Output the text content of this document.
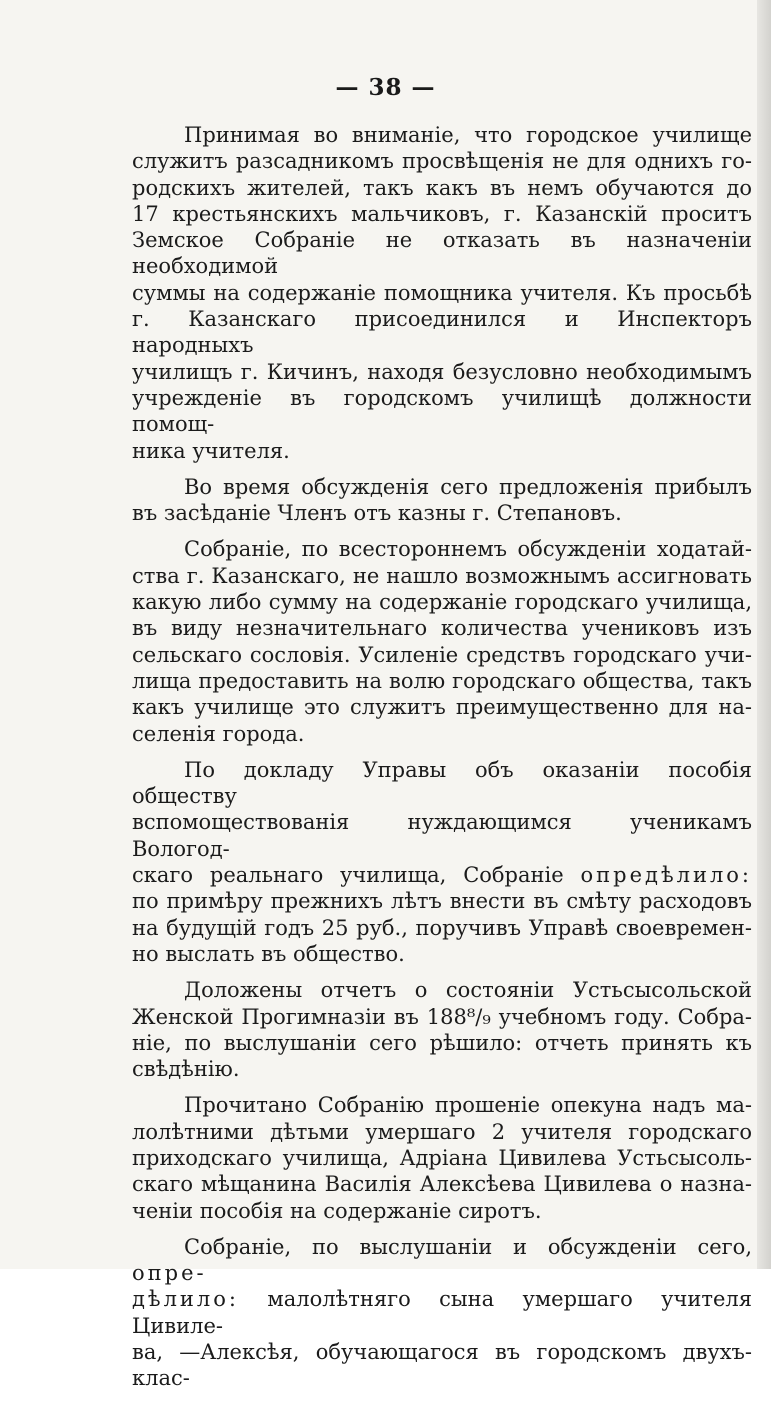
— 38 —
Принимая во вниманіе, что городское училище
служитъ разсадникомъ просвѣщенія не для однихъ го-
родскихъ жителей, такъ какъ въ немъ обучаются до
17 крестьянскихъ мальчиковъ, г. Казанскій проситъ
Земское Собраніе не отказать въ назначеніи необходимой
суммы на содержаніе помощника учителя. Къ просьбѣ
г. Казанскаго присоединился и Инспекторъ народныхъ
училищъ г. Кичинъ, находя безусловно необходимымъ
учрежденіе въ городскомъ училищѣ должности помощ-
ника учителя.
Во время обсужденія сего предложенія прибылъ
въ засѣданіе Членъ отъ казны г. Степановъ.
Собраніе, по всестороннемъ обсужденіи ходатай-
ства г. Казанскаго, не нашло возможнымъ ассигновать
какую либо сумму на содержаніе городскаго училища,
въ виду незначительнаго количества учениковъ изъ
сельскаго сословія. Усиленіе средствъ городскаго учи-
лища предоставить на волю городскаго общества, такъ
какъ училище это служитъ преимущественно для на-
селенія города.
По докладу Управы объ оказаніи пособія обществу
вспомоществованія нуждающимся ученикамъ Вологод-
скаго реальнаго училища, Собраніе опредѣлило:
по примѣру прежнихъ лѣтъ внести въ смѣту расходовъ
на будущій годъ 25 руб., поручивъ Управѣ своевремен-
но выслать въ общество.
Доложены отчетъ о состояніи Устьсысольской
Женской Прогимназіи въ 188⁸/₉ учебномъ году. Собра-
ніе, по выслушаніи сего рѣшило: отчеть принять къ
свѣдѣнію.
Прочитано Собранію прошеніе опекуна надъ ма-
лолѣтними дѣтьми умершаго 2 учителя городскаго
приходскаго училища, Адріана Цивилева Устьсысоль-
скаго мѣщанина Василія Алексѣева Цивилева о назна-
ченіи пособія на содержаніе сиротъ.
Собраніе, по выслушаніи и обсужденіи сего, опре-
дѣлило: малолѣтняго сына умершаго учителя Цивиле-
ва, —Алексѣя, обучающагося въ городскомъ двухъ-клас-
